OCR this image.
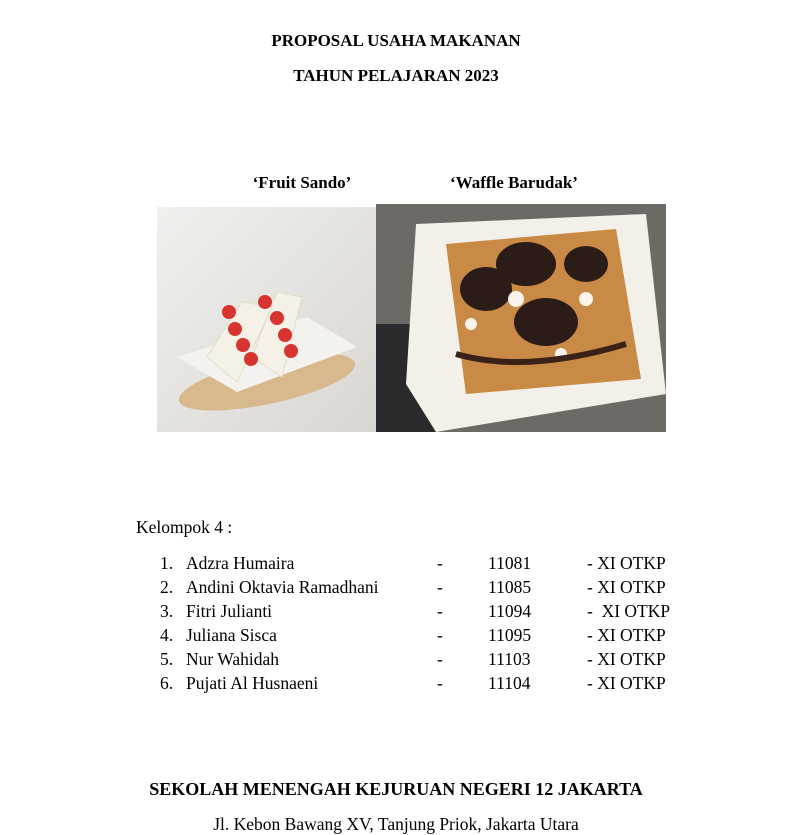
PROPOSAL USAHA MAKANAN
TAHUN PELAJARAN 2023
‘Fruit Sando’	‘Waffle Barudak’
Kelompok 4 :
1. Adzra Humaira	-	11081	- XI OTKP
2. Andini Oktavia Ramadhani	-	11085	- XI OTKP
3. Fitri Julianti	-	11094	-  XI OTKP
4. Juliana Sisca	-	11095	- XI OTKP
5. Nur Wahidah	-	11103	- XI OTKP
6. Pujati Al Husnaeni	-	11104	- XI OTKP
SEKOLAH MENENGAH KEJURUAN NEGERI 12 JAKARTA
Jl. Kebon Bawang XV, Tanjung Priok, Jakarta Utara
